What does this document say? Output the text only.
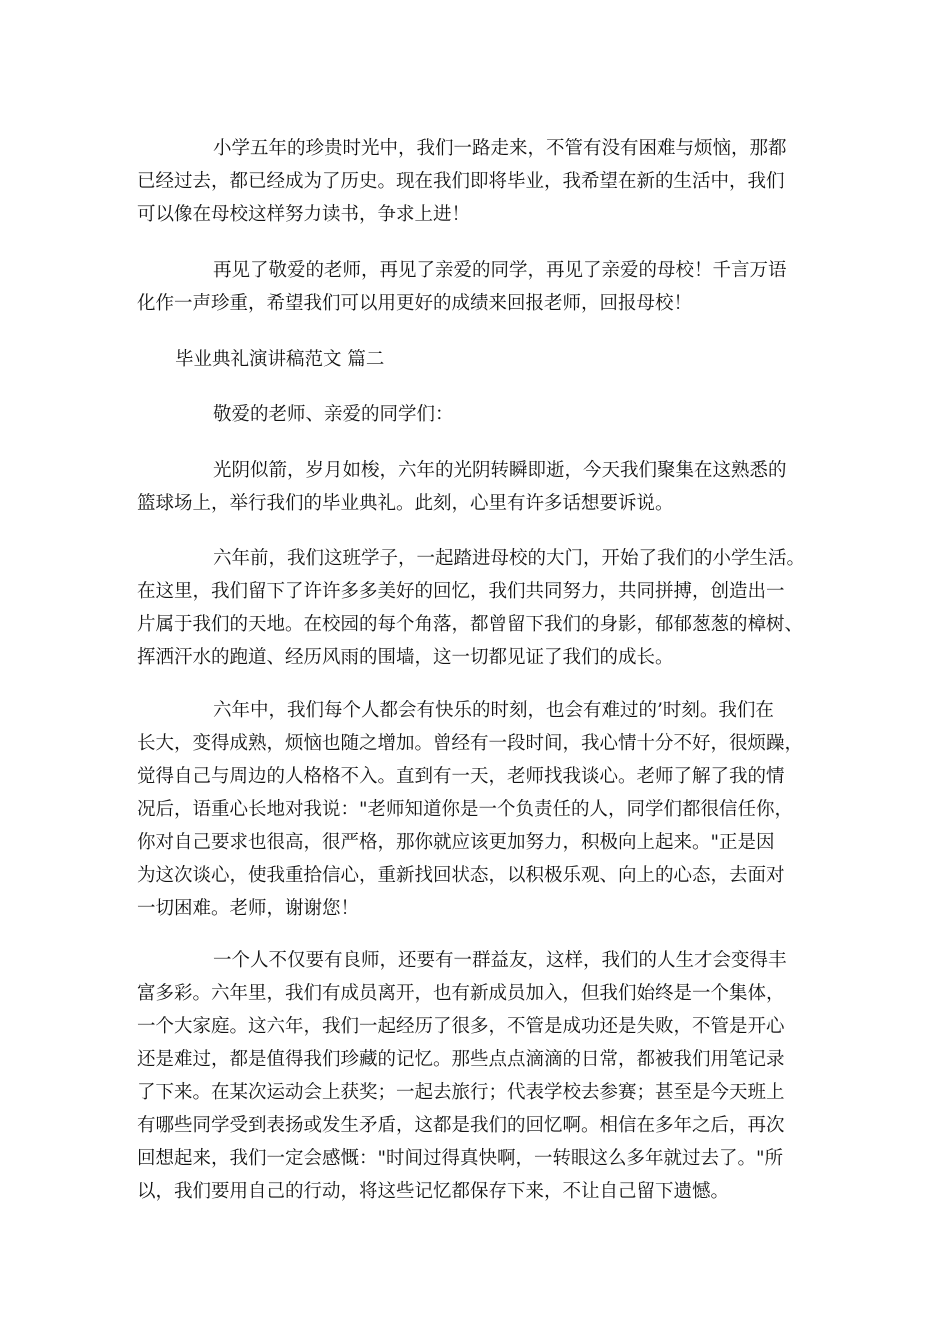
小学五年的珍贵时光中，我们一路走来，不管有没有困难与烦恼，那都
已经过去，都已经成为了历史。现在我们即将毕业，我希望在新的生活中，我们
可以像在母校这样努力读书，争求上进！
再见了敬爱的老师，再见了亲爱的同学，再见了亲爱的母校！千言万语
化作一声珍重，希望我们可以用更好的成绩来回报老师，回报母校！
毕业典礼演讲稿范文 篇二
敬爱的老师、亲爱的同学们：
光阴似箭，岁月如梭，六年的光阴转瞬即逝，今天我们聚集在这熟悉的
篮球场上，举行我们的毕业典礼。此刻，心里有许多话想要诉说。
六年前，我们这班学子，一起踏进母校的大门，开始了我们的小学生活。
在这里，我们留下了许许多多美好的回忆，我们共同努力，共同拼搏，创造出一
片属于我们的天地。在校园的每个角落，都曾留下我们的身影，郁郁葱葱的樟树、
挥洒汗水的跑道、经历风雨的围墙，这一切都见证了我们的成长。
六年中，我们每个人都会有快乐的时刻，也会有难过的’时刻。我们在
长大，变得成熟，烦恼也随之增加。曾经有一段时间，我心情十分不好，很烦躁，
觉得自己与周边的人格格不入。直到有一天，老师找我谈心。老师了解了我的情
况后，语重心长地对我说："老师知道你是一个负责任的人，同学们都很信任你，
你对自己要求也很高，很严格，那你就应该更加努力，积极向上起来。"正是因
为这次谈心，使我重拾信心，重新找回状态，以积极乐观、向上的心态，去面对
一切困难。老师，谢谢您！
一个人不仅要有良师，还要有一群益友，这样，我们的人生才会变得丰
富多彩。六年里，我们有成员离开，也有新成员加入，但我们始终是一个集体，
一个大家庭。这六年，我们一起经历了很多，不管是成功还是失败，不管是开心
还是难过，都是值得我们珍藏的记忆。那些点点滴滴的日常，都被我们用笔记录
了下来。在某次运动会上获奖；一起去旅行；代表学校去参赛；甚至是今天班上
有哪些同学受到表扬或发生矛盾，这都是我们的回忆啊。相信在多年之后，再次
回想起来，我们一定会感慨："时间过得真快啊，一转眼这么多年就过去了。"所
以，我们要用自己的行动，将这些记忆都保存下来，不让自己留下遗憾。
